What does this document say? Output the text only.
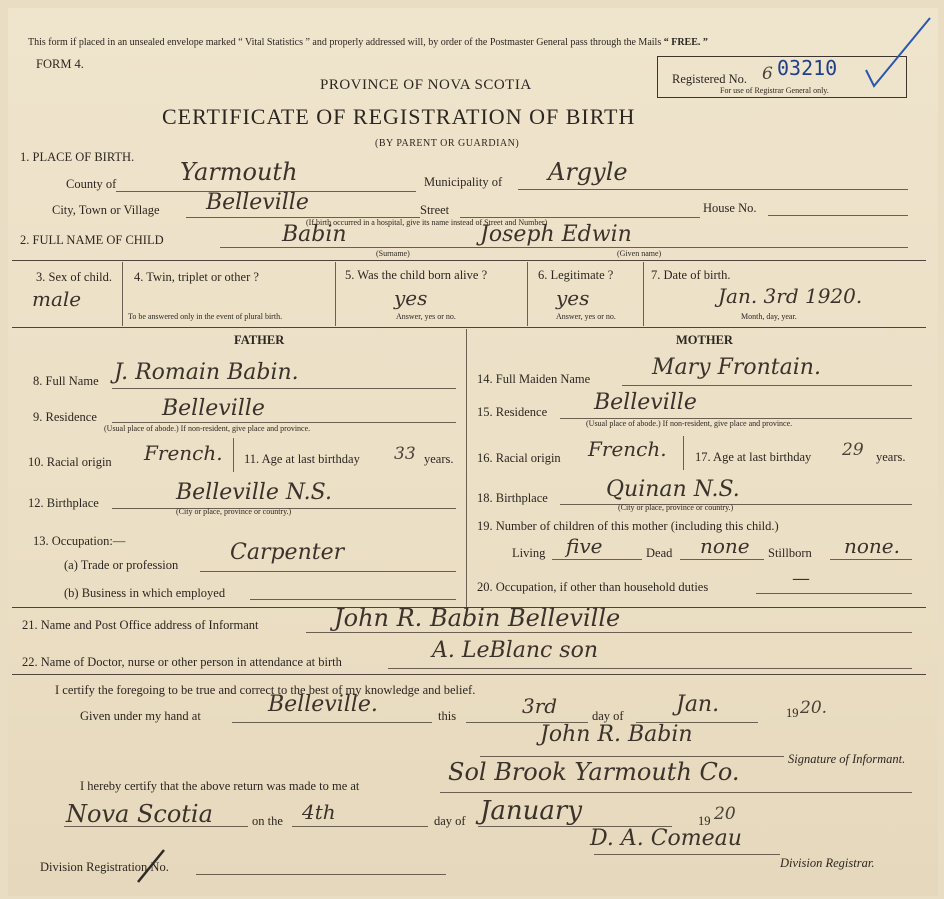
This form if placed in an unsealed envelope marked “ Vital Statistics ” and properly addressed will, by order of the Postmaster General pass through the Mails “ FREE. ”
FORM 4.
PROVINCE OF NOVA SCOTIA
CERTIFICATE OF REGISTRATION OF BIRTH
(BY PARENT OR GUARDIAN)
Registered No. 6 03210
For use of Registrar General only.
1. PLACE OF BIRTH.
County of	Yarmouth	Municipality of Argyle
City, Town or Village Belleville	Street	House No.
(If birth occurred in a hospital, give its name instead of Street and Number)
2. FULL NAME OF CHILD	Babin	Joseph Edwin
(Surname)	(Given name)
3. Sex of child.
male
4. Twin, triplet or other ?
To be answered only in the event of plural birth.
5. Was the child born alive ?
yes
Answer, yes or no.
6. Legitimate ?
yes
Answer, yes or no.
7. Date of birth.
Jan. 3rd 1920.
Month, day, year.
FATHER
8. Full Name J. Romain Babin.
9. Residence	Belleville
(Usual place of abode.) If non-resident, give place and province.
10. Racial origin French. 11. Age at last birthday 33 years.
12. Birthplace	Belleville N.S.
(City or place, province or country.)
13. Occupation:—
(a) Trade or profession Carpenter
(b) Business in which employed
MOTHER
14. Full Maiden Name	Mary Frontain.
15. Residence Belleville
(Usual place of abode.) If non-resident, give place and province.
16. Racial origin French. 17. Age at last birthday 29 years.
18. Birthplace	Quinan N.S.
(City or place, province or country.)
19. Number of children of this mother (including this child.)
Living five	Dead none Stillborn none.
20. Occupation, if other than household duties	—
21. Name and Post Office address of Informant	John R. Babin Belleville
22. Name of Doctor, nurse or other person in attendance at birth	A. LeBlanc son
I certify the foregoing to be true and correct to the best of my knowledge and belief.
Given under my hand at	Belleville.	this	3rd	day of Jan.	19 20.
John R. Babin
Signature of Informant.
I hereby certify that the above return was made to me at	Sol Brook Yarmouth Co.
Nova Scotia	on the 4th	day of January	19 20
D. A. Comeau
Division Registration No.	Division Registrar.
